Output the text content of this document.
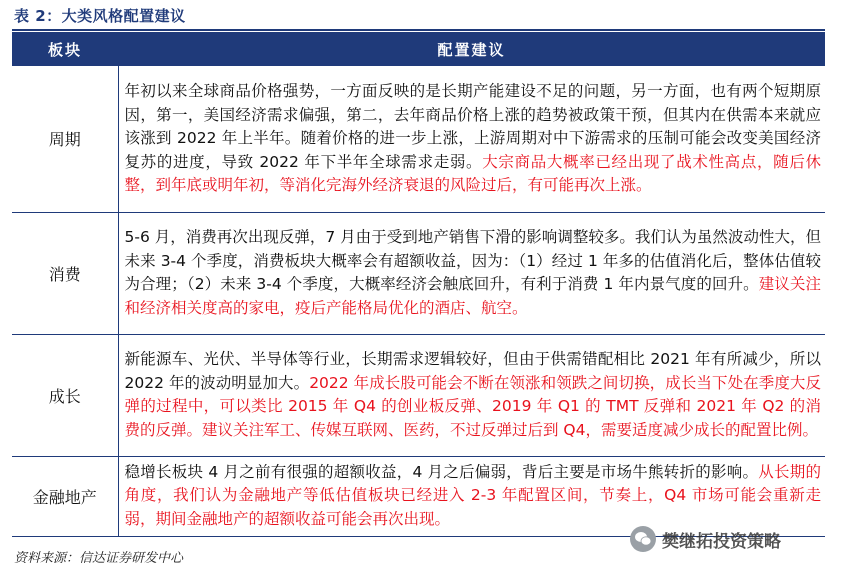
表 2：大类风格配置建议
板块	配置建议
周期	年初以来全球商品价格强势，一方面反映的是长期产能建设不足的问题，另一方面，也有两个短期原因，第一，美国经济需求偏强，第二，去年商品价格上涨的趋势被政策干预，但其内在供需本来就应该涨到 2022 年上半年。随着价格的进一步上涨，上游周期对中下游需求的压制可能会改变美国经济复苏的进度，导致 2022 年下半年全球需求走弱。大宗商品大概率已经出现了战术性高点，随后休整，到年底或明年初，等消化完海外经济衰退的风险过后，有可能再次上涨。
消费	5-6 月，消费再次出现反弹，7 月由于受到地产销售下滑的影响调整较多。我们认为虽然波动性大，但未来 3-4 个季度，消费板块大概率会有超额收益，因为：（1）经过 1 年多的估值消化后，整体估值较为合理；（2）未来 3-4 个季度，大概率经济会触底回升，有利于消费 1 年内景气度的回升。建议关注和经济相关度高的家电，疫后产能格局优化的酒店、航空。
成长	新能源车、光伏、半导体等行业，长期需求逻辑较好，但由于供需错配相比 2021 年有所减少，所以 2022 年的波动明显加大。2022 年成长股可能会不断在领涨和领跌之间切换，成长当下处在季度大反弹的过程中，可以类比 2015 年 Q4 的创业板反弹、2019 年 Q1 的 TMT 反弹和 2021 年 Q2 的消费的反弹。建议关注军工、传媒互联网、医药，不过反弹过后到 Q4，需要适度减少成长的配置比例。
金融地产	稳增长板块 4 月之前有很强的超额收益，4 月之后偏弱，背后主要是市场牛熊转折的影响。从长期的角度，我们认为金融地产等低估值板块已经进入 2-3 年配置区间，节奏上，Q4 市场可能会重新走弱，期间金融地产的超额收益可能会再次出现。
资料来源：信达证券研发中心
樊继拓投资策略
